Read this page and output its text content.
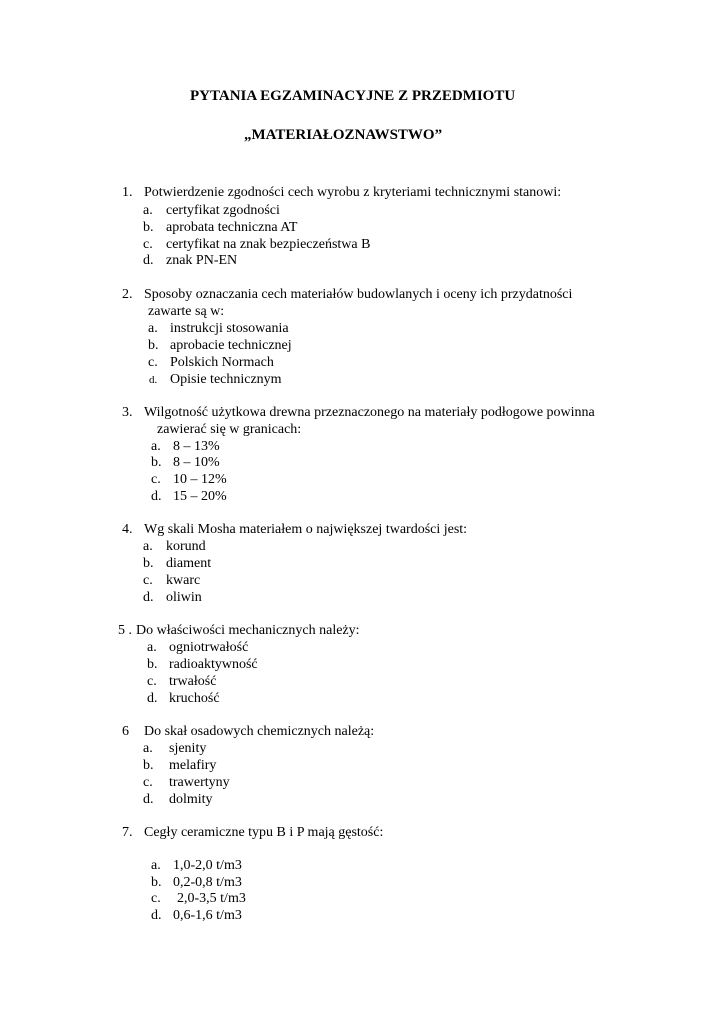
PYTANIA EGZAMINACYJNE Z PRZEDMIOTU
„MATERIAŁOZNAWSTWO”
1. Potwierdzenie zgodności cech wyrobu z kryteriami technicznymi stanowi:
a. certyfikat zgodności
b. aprobata techniczna AT
c. certyfikat na znak bezpieczeństwa B
d. znak PN-EN
2. Sposoby oznaczania cech materiałów budowlanych i oceny ich przydatności
zawarte są w:
a. instrukcji stosowania
b. aprobacie technicznej
c. Polskich Normach
d. Opisie technicznym
3. Wilgotność użytkowa drewna przeznaczonego na materiały podłogowe powinna
zawierać się w granicach:
a. 8 – 13%
b. 8 – 10%
c. 10 – 12%
d. 15 – 20%
4. Wg skali Mosha materiałem o największej twardości jest:
a. korund
b. diament
c. kwarc
d. oliwin
5 . Do właściwości mechanicznych należy:
a. ogniotrwałość
b. radioaktywność
c. trwałość
d. kruchość
6 Do skał osadowych chemicznych należą:
a. sjenity
b. melafiry
c. trawertyny
d. dolmity
7. Cegły ceramiczne typu B i P mają gęstość:
a. 1,0-2,0 t/m3
b. 0,2-0,8 t/m3
c. 2,0-3,5 t/m3
d. 0,6-1,6 t/m3
